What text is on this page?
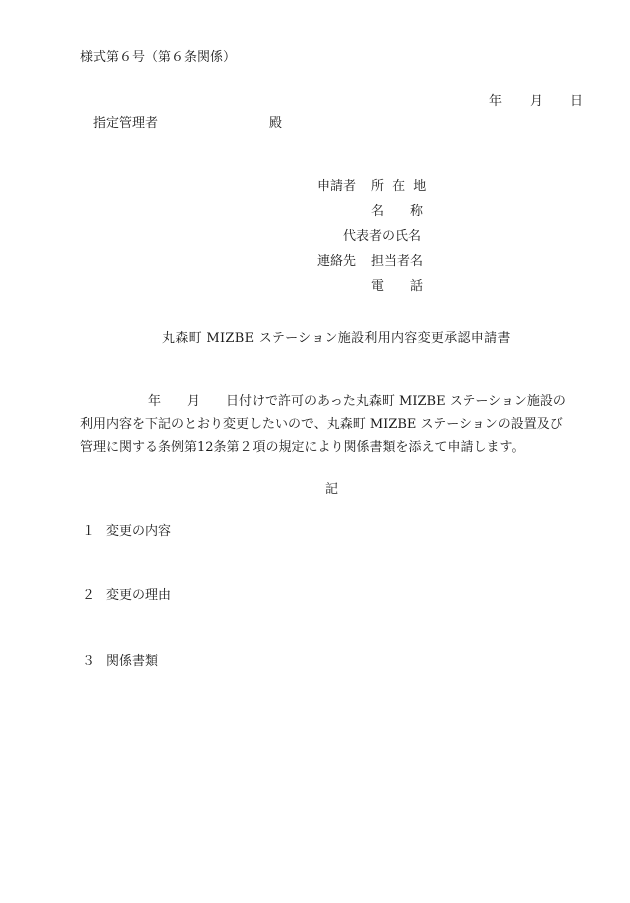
様式第６号（第６条関係）
年 月 日
指定管理者	殿
申請者 所 在 地
名 称
代表者の氏名
連絡先 担当者名
電 話
丸森町 MIZBE ステーション施設利用内容変更承認申請書
年 月 日付けで許可のあった丸森町 MIZBE ステーション施設の
利用内容を下記のとおり変更したいので、丸森町 MIZBE ステーションの設置及び
管理に関する条例第12条第２項の規定により関係書類を添えて申請します。
記
１ 変更の内容
２ 変更の理由
３ 関係書類
